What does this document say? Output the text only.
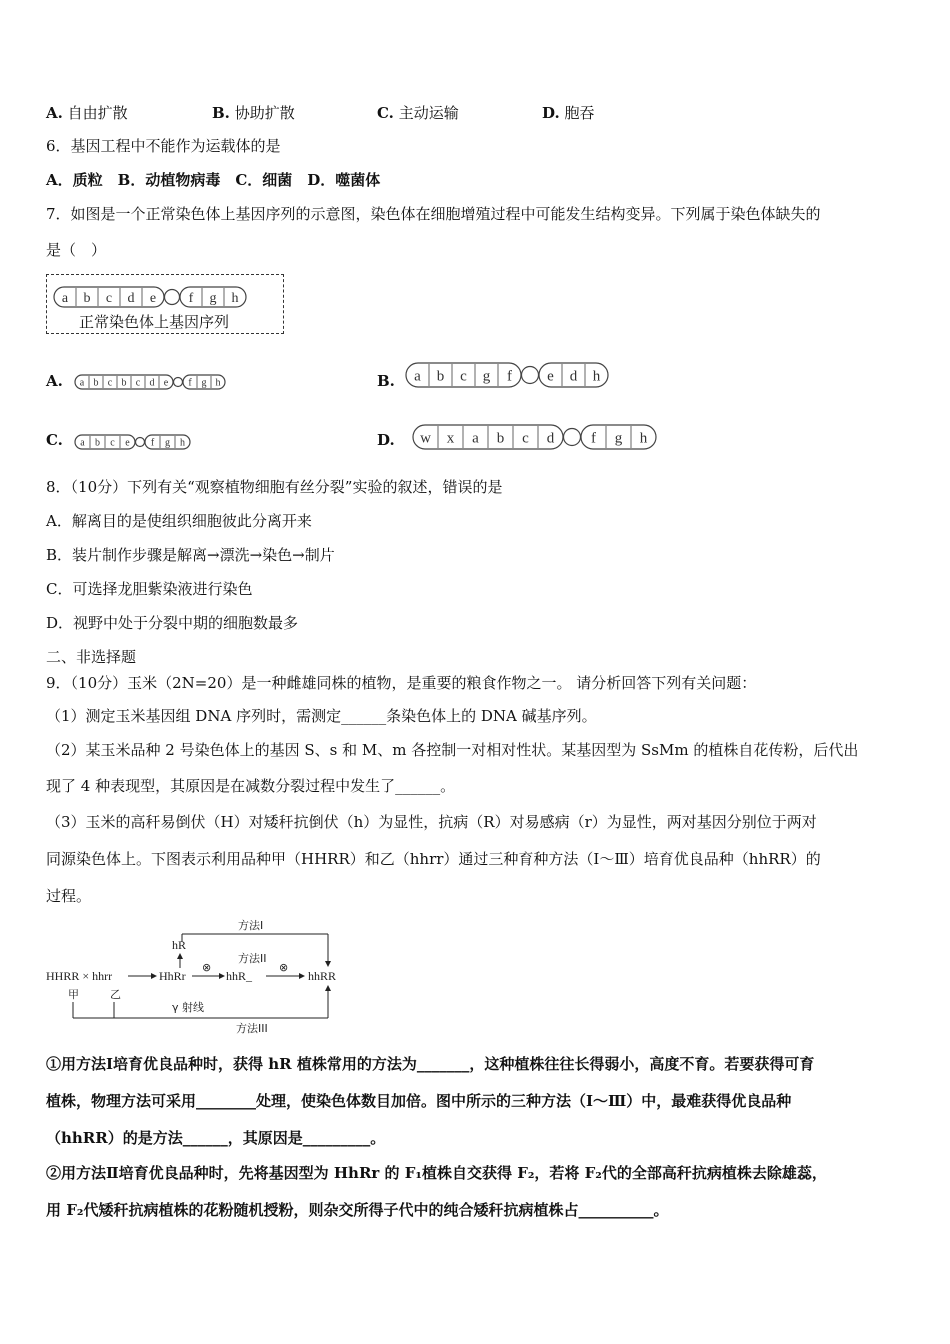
A. 自由扩散	B. 协助扩散	C. 主动运输	D. 胞吞
6．基因工程中不能作为运载体的是
A．质粒　B．动植物病毒　C．细菌　D．噬菌体
7．如图是一个正常染色体上基因序列的示意图，染色体在细胞增殖过程中可能发生结构变异。下列属于染色体缺失的
是（　）
a b c d e f g h
正常染色体上基因序列
A. a b c b c d e f g h	B. a b c g f e d h
C. a b c e f g h	D. w x a b c d f g h
8．（10分）下列有关“观察植物细胞有丝分裂”实验的叙述，错误的是
A．解离目的是使组织细胞彼此分离开来
B．装片制作步骤是解离→漂洗→染色→制片
C．可选择龙胆紫染液进行染色
D．视野中处于分裂中期的细胞数最多
二、非选择题
9．（10分）玉米（2N=20）是一种雌雄同株的植物，是重要的粮食作物之一。 请分析回答下列有关问题：
（1）测定玉米基因组 DNA 序列时，需测定______条染色体上的 DNA 碱基序列。
（2）某玉米品种 2 号染色体上的基因 S、s 和 M、m 各控制一对相对性状。某基因型为 SsMm 的植株自花传粉，后代出
现了 4 种表现型，其原因是在减数分裂过程中发生了______。
（3）玉米的高秆易倒伏（H）对矮秆抗倒伏（h）为显性，抗病（R）对易感病（r）为显性，两对基因分别位于两对
同源染色体上。下图表示利用品种甲（HHRR）和乙（hhrr）通过三种育种方法（Ⅰ～Ⅲ）培育优良品种（hhRR）的
过程。
方法I
hR
HHRR × hhrr	HhRr
⊗
方法II
hhR_
⊗
hhRR
甲	乙
γ 射线
方法III
①用方法Ⅰ培育优良品种时，获得 hR 植株常用的方法为_______，这种植株往往长得弱小，高度不育。若要获得可育
植株，物理方法可采用________处理，使染色体数目加倍。图中所示的三种方法（Ⅰ～Ⅲ）中，最难获得优良品种
（hhRR）的是方法______，其原因是_________。
②用方法Ⅱ培育优良品种时，先将基因型为 HhRr 的 F₁植株自交获得 F₂，若将 F₂代的全部高秆抗病植株去除雄蕊，
用 F₂代矮秆抗病植株的花粉随机授粉，则杂交所得子代中的纯合矮秆抗病植株占__________。
